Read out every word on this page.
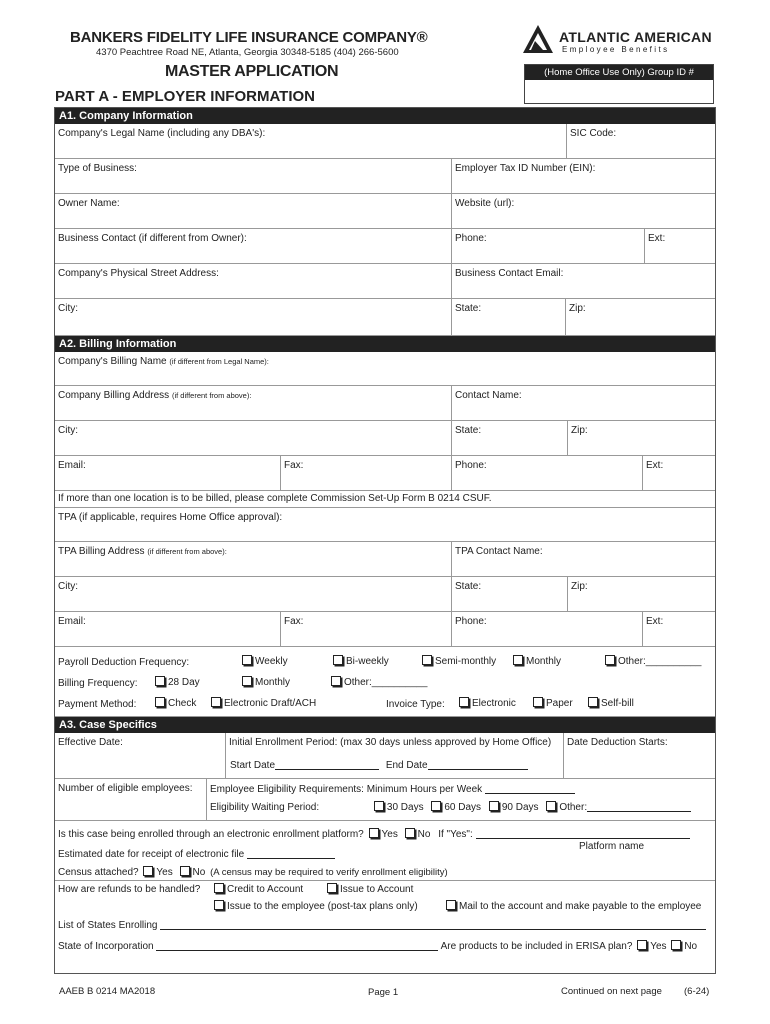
BANKERS FIDELITY LIFE INSURANCE COMPANY®
4370 Peachtree Road NE, Atlanta, Georgia 30348-5185 (404) 266-5600
MASTER APPLICATION
PART A - EMPLOYER INFORMATION
ATLANTIC AMERICAN
Employee Benefits
(Home Office Use Only) Group ID #
A1. Company Information
Company's Legal Name (including any DBA's):	SIC Code:
Type of Business:	Employer Tax ID Number (EIN):
Owner Name:	Website (url):
Business Contact (if different from Owner):	Phone:	Ext:
Company's Physical Street Address:	Business Contact Email:
City:	State:	Zip:
A2. Billing Information
Company's Billing Name (if different from Legal Name):
Company Billing Address (if different from above):	Contact Name:
City:	State:	Zip:
Email:	Fax:	Phone:	Ext:
If more than one location is to be billed, please complete Commission Set-Up Form B 0214 CSUF.
TPA (if applicable, requires Home Office approval):
TPA Billing Address (if different from above):	TPA Contact Name:
City:	State:	Zip:
Email:	Fax:	Phone:	Ext:
Payroll Deduction Frequency:	Weekly	Bi-weekly	Semi-monthly	Monthly	Other:__________
Billing Frequency:	28 Day	Monthly	Other:__________
Payment Method:	Check	Electronic Draft/ACH	Invoice Type:	Electronic	Paper	Self-bill
A3. Case Specifics
Effective Date:	Initial Enrollment Period: (max 30 days unless approved by Home Office)
Start Date	End Date
Date Deduction Starts:
Number of eligible employees:	Employee Eligibility Requirements: Minimum Hours per Week
Eligibility Waiting Period:	30 Days 60 Days 90 Days Other:
Is this case being enrolled through an electronic enrollment platform? Yes No If "Yes":
Platform name
Estimated date for receipt of electronic file
Census attached? Yes No (A census may be required to verify enrollment eligibility)
How are refunds to be handled?	Credit to Account	Issue to Account
Issue to the employee (post-tax plans only)	Mail to the account and make payable to the employee
List of States Enrolling
State of Incorporation	Are products to be included in ERISA plan? Yes No
AAEB B 0214 MA2018	Page 1	Continued on next page (6-24)
